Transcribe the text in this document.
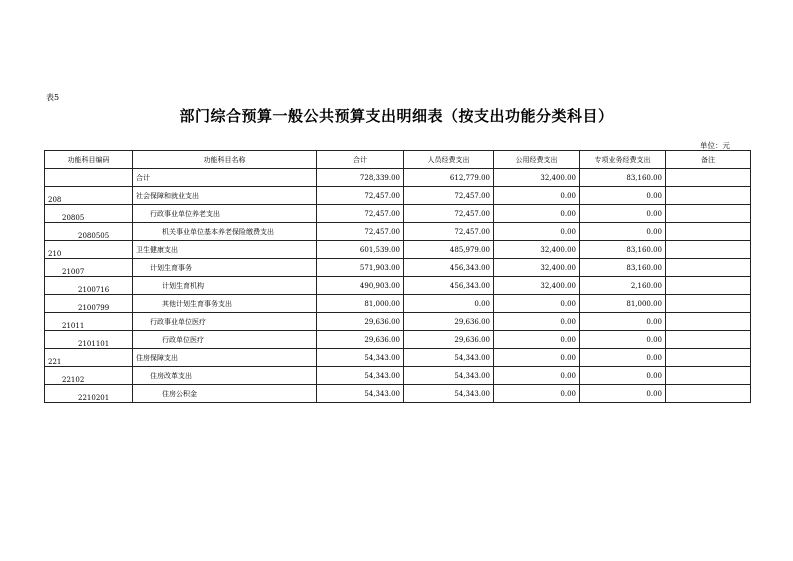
表5
部门综合预算一般公共预算支出明细表（按支出功能分类科目）
单位：元
功能科目编码	功能科目名称	合计	人员经费支出	公用经费支出	专项业务经费支出	备注
	合计	728,339.00	612,779.00	32,400.00	83,160.00	
208	社会保障和就业支出	72,457.00	72,457.00	0.00	0.00	
20805	行政事业单位养老支出	72,457.00	72,457.00	0.00	0.00	
2080505	机关事业单位基本养老保险缴费支出	72,457.00	72,457.00	0.00	0.00	
210	卫生健康支出	601,539.00	485,979.00	32,400.00	83,160.00	
21007	计划生育事务	571,903.00	456,343.00	32,400.00	83,160.00	
2100716	计划生育机构	490,903.00	456,343.00	32,400.00	2,160.00	
2100799	其他计划生育事务支出	81,000.00	0.00	0.00	81,000.00	
21011	行政事业单位医疗	29,636.00	29,636.00	0.00	0.00	
2101101	行政单位医疗	29,636.00	29,636.00	0.00	0.00	
221	住房保障支出	54,343.00	54,343.00	0.00	0.00	
22102	住房改革支出	54,343.00	54,343.00	0.00	0.00	
2210201	住房公积金	54,343.00	54,343.00	0.00	0.00	
